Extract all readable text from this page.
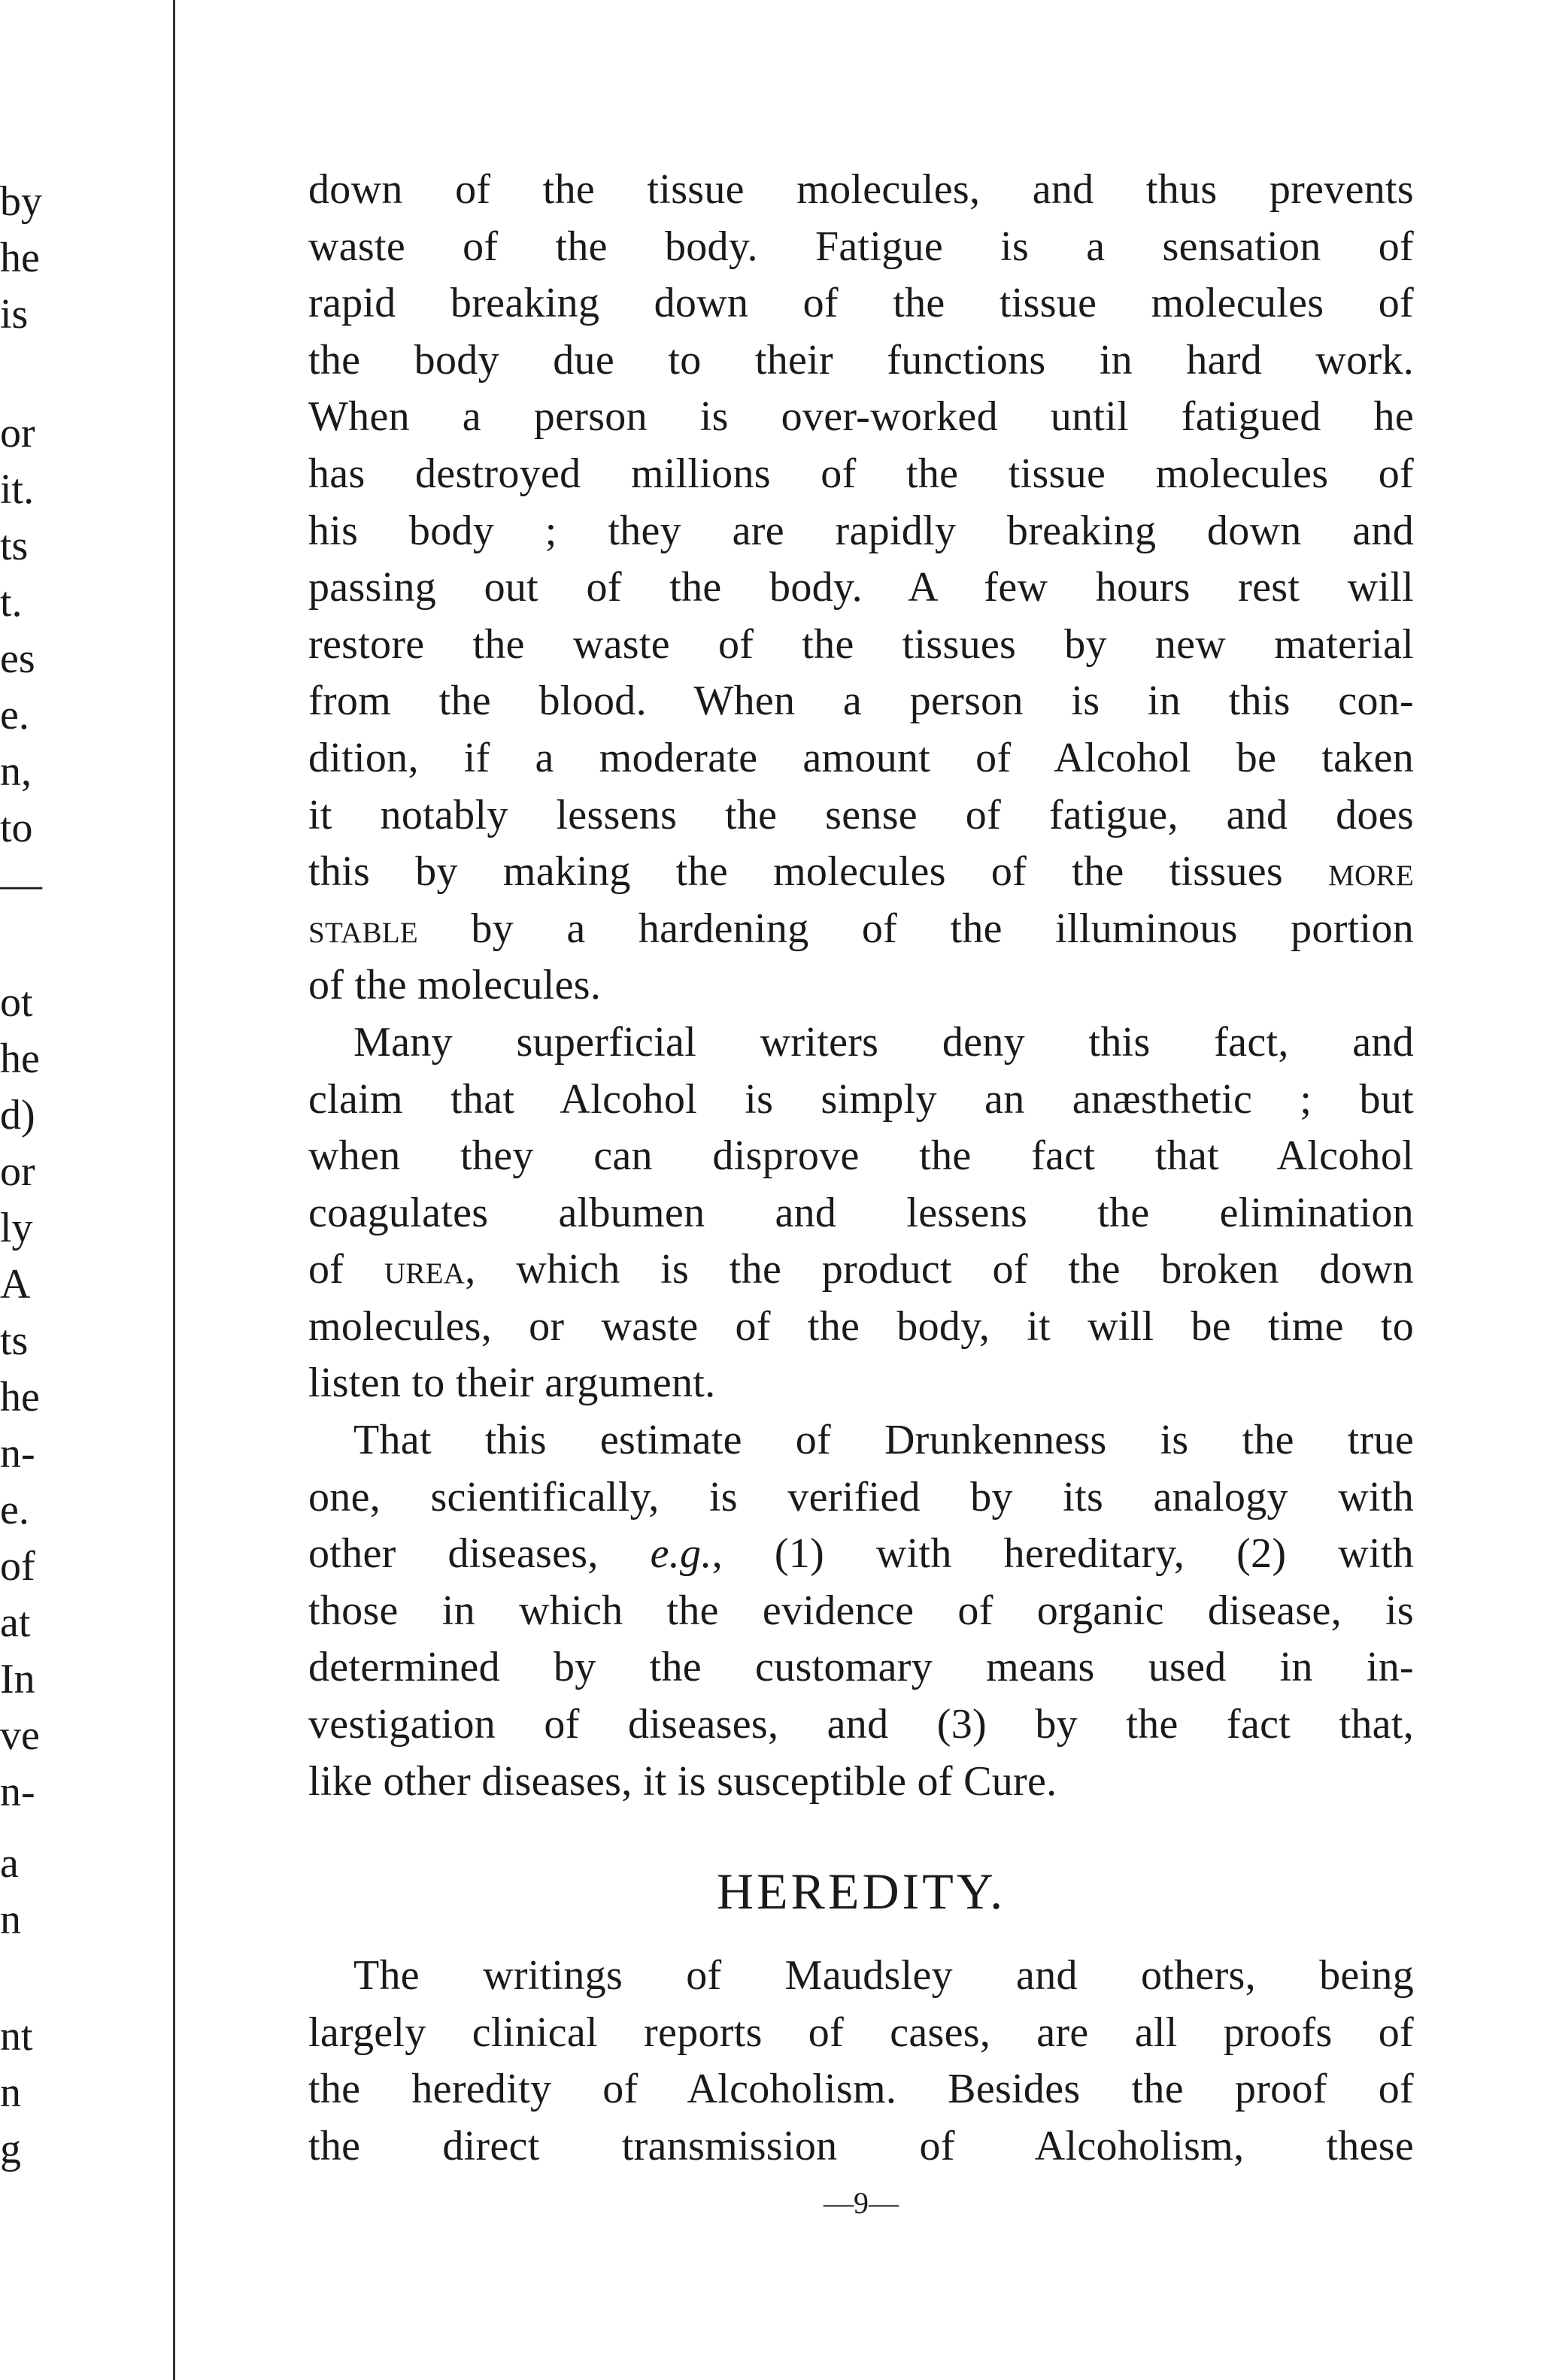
by
he
is
or
it.
ts
t.
es
e.
n,
to
—
ot
he
d)
or
ly
A
ts
he
n-
e.
of
at
In
ve
n-
a
n
nt
n
g
down of the tissue molecules, and thus prevents
waste of the body. Fatigue is a sensation of
rapid breaking down of the tissue molecules of
the body due to their functions in hard work.
When a person is over-worked until fatigued he
has destroyed millions of the tissue molecules of
his body ; they are rapidly breaking down and
passing out of the body. A few hours rest will
restore the waste of the tissues by new material
from the blood. When a person is in this con-
dition, if a moderate amount of Alcohol be taken
it notably lessens the sense of fatigue, and does
this by making the molecules of the tissues more
stable by a hardening of the illuminous portion
of the molecules.
Many superficial writers deny this fact, and
claim that Alcohol is simply an anæsthetic ; but
when they can disprove the fact that Alcohol
coagulates albumen and lessens the elimination
of urea, which is the product of the broken down
molecules, or waste of the body, it will be time to
listen to their argument.
That this estimate of Drunkenness is the true
one, scientifically, is verified by its analogy with
other diseases, e.g., (1) with hereditary, (2) with
those in which the evidence of organic disease, is
determined by the customary means used in in-
vestigation of diseases, and (3) by the fact that,
like other diseases, it is susceptible of Cure.
HEREDITY.
The writings of Maudsley and others, being
largely clinical reports of cases, are all proofs of
the heredity of Alcoholism. Besides the proof of
the direct transmission of Alcoholism, these
—9—
